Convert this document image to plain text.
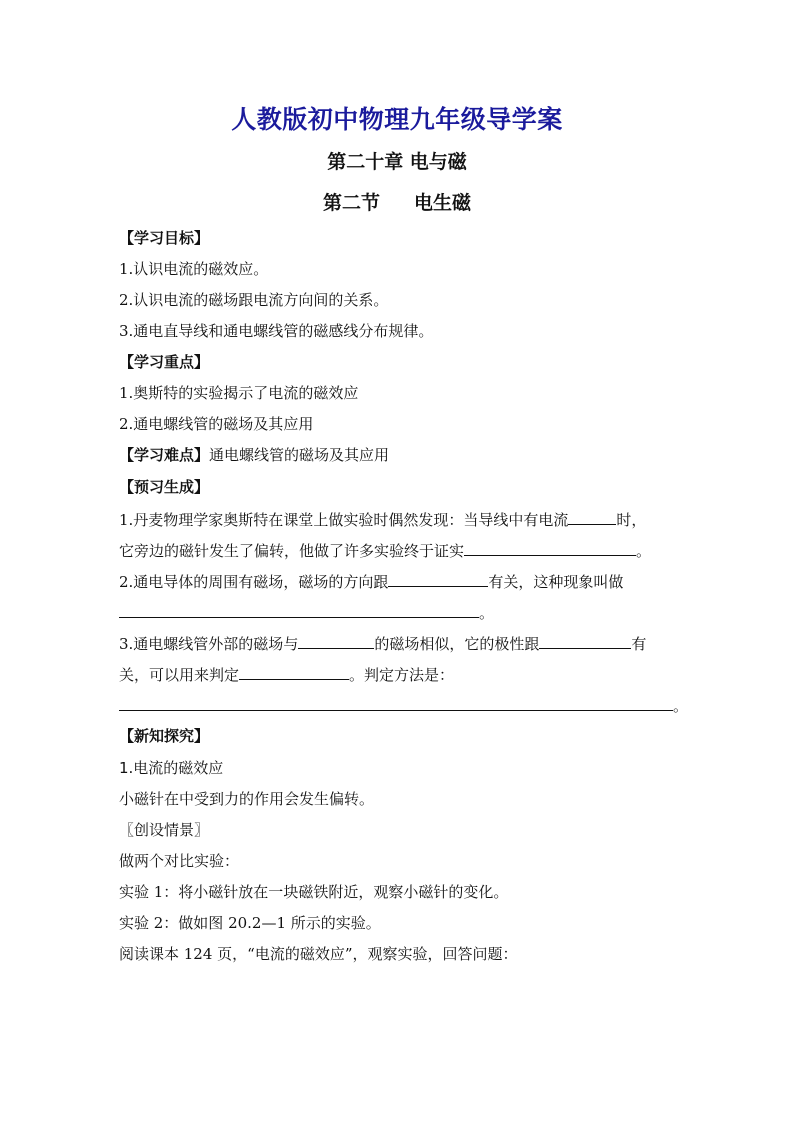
人教版初中物理九年级导学案
第二十章 电与磁
第二节 电生磁
【学习目标】
1.认识电流的磁效应。
2.认识电流的磁场跟电流方向间的关系。
3.通电直导线和通电螺线管的磁感线分布规律。
【学习重点】
1.奥斯特的实验揭示了电流的磁效应
2.通电螺线管的磁场及其应用
【学习难点】通电螺线管的磁场及其应用
【预习生成】
1.丹麦物理学家奥斯特在课堂上做实验时偶然发现：当导线中有电流	时，
它旁边的磁针发生了偏转，他做了许多实验终于证实	。
2.通电导体的周围有磁场，磁场的方向跟	有关，这种现象叫做
。
3.通电螺线管外部的磁场与	的磁场相似，它的极性跟	有
关，可以用来判定	。判定方法是：
。
【新知探究】
1.电流的磁效应
小磁针在中受到力的作用会发生偏转。
〖创设情景〗
做两个对比实验：
实验 1：将小磁针放在一块磁铁附近，观察小磁针的变化。
实验 2：做如图 20.2—1 所示的实验。
阅读课本 124 页，“电流的磁效应”，观察实验，回答问题：
